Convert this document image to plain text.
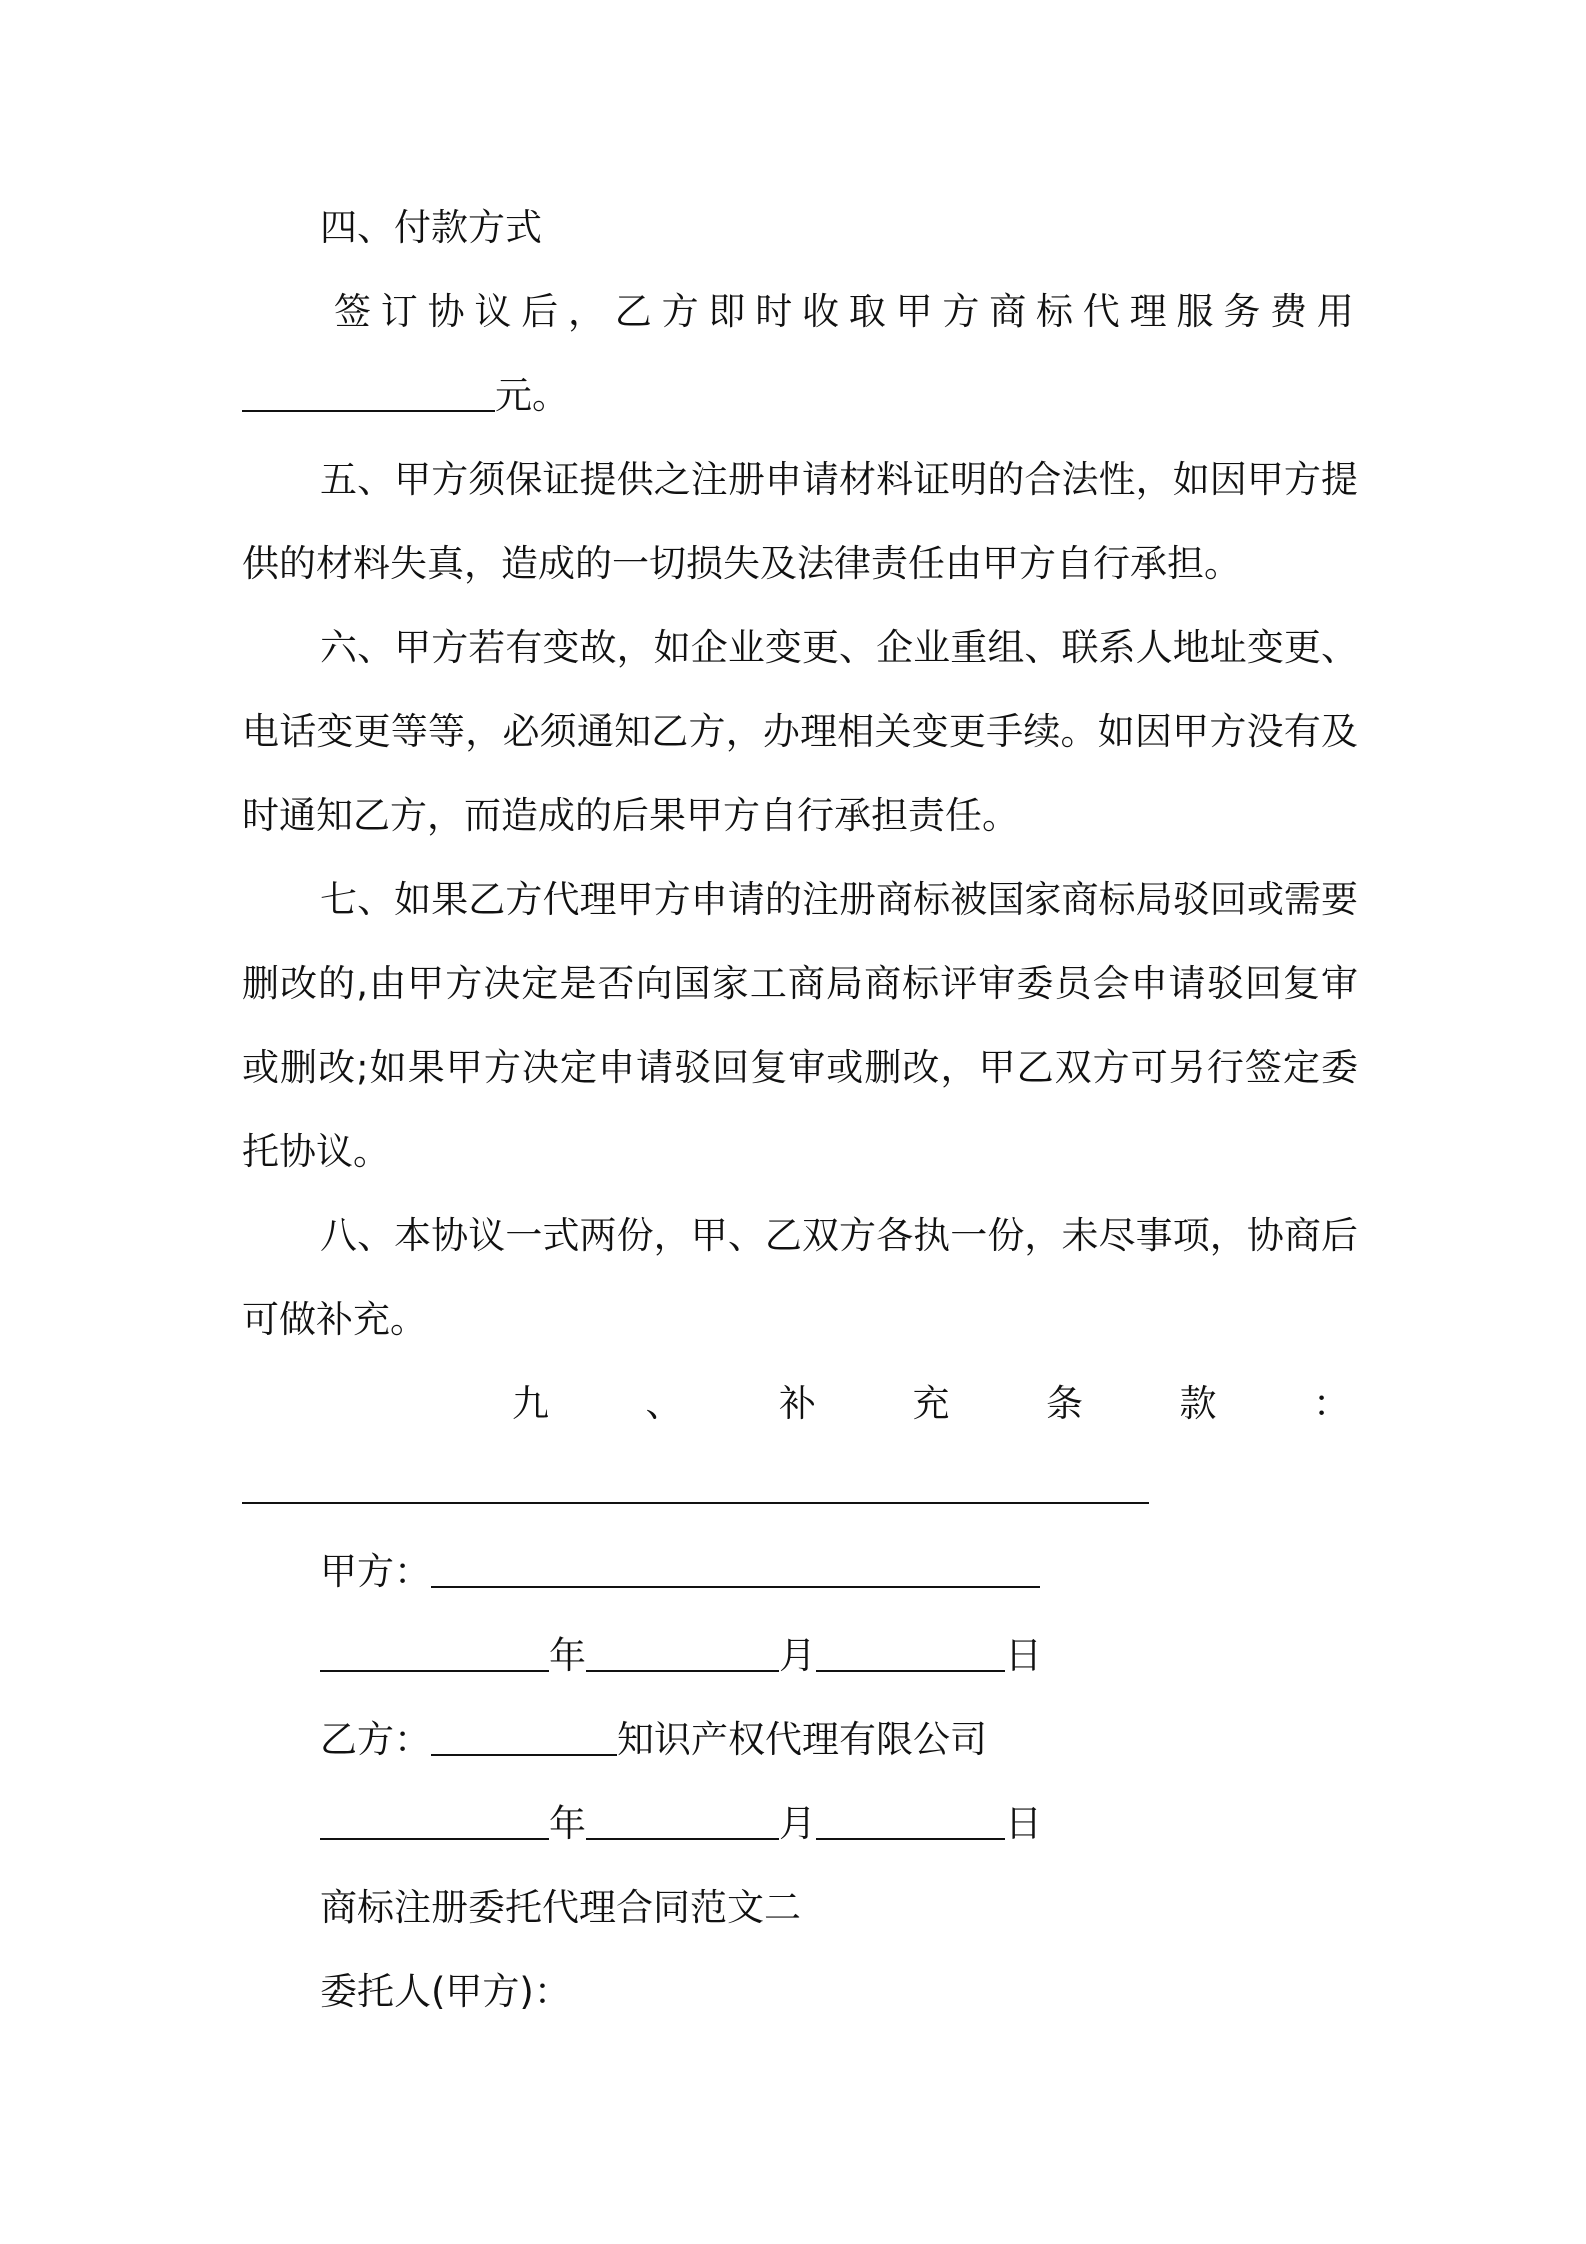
四、付款方式
签订协议后，乙方即时收取甲方商标代理服务费用
元。
五、甲方须保证提供之注册申请材料证明的合法性，如因甲方提
供的材料失真，造成的一切损失及法律责任由甲方自行承担。
六、甲方若有变故，如企业变更、企业重组、联系人地址变更、
电话变更等等，必须通知乙方，办理相关变更手续。如因甲方没有及
时通知乙方，而造成的后果甲方自行承担责任。
七、如果乙方代理甲方申请的注册商标被国家商标局驳回或需要
删改的,由甲方决定是否向国家工商局商标评审委员会申请驳回复审
或删改;如果甲方决定申请驳回复审或删改，甲乙双方可另行签定委
托协议。
八、本协议一式两份，甲、乙双方各执一份，未尽事项，协商后
可做补充。
九、补充条款：
甲方：
年	月	日
乙方：	知识产权代理有限公司
年	月	日
商标注册委托代理合同范文二
委托人(甲方)：
